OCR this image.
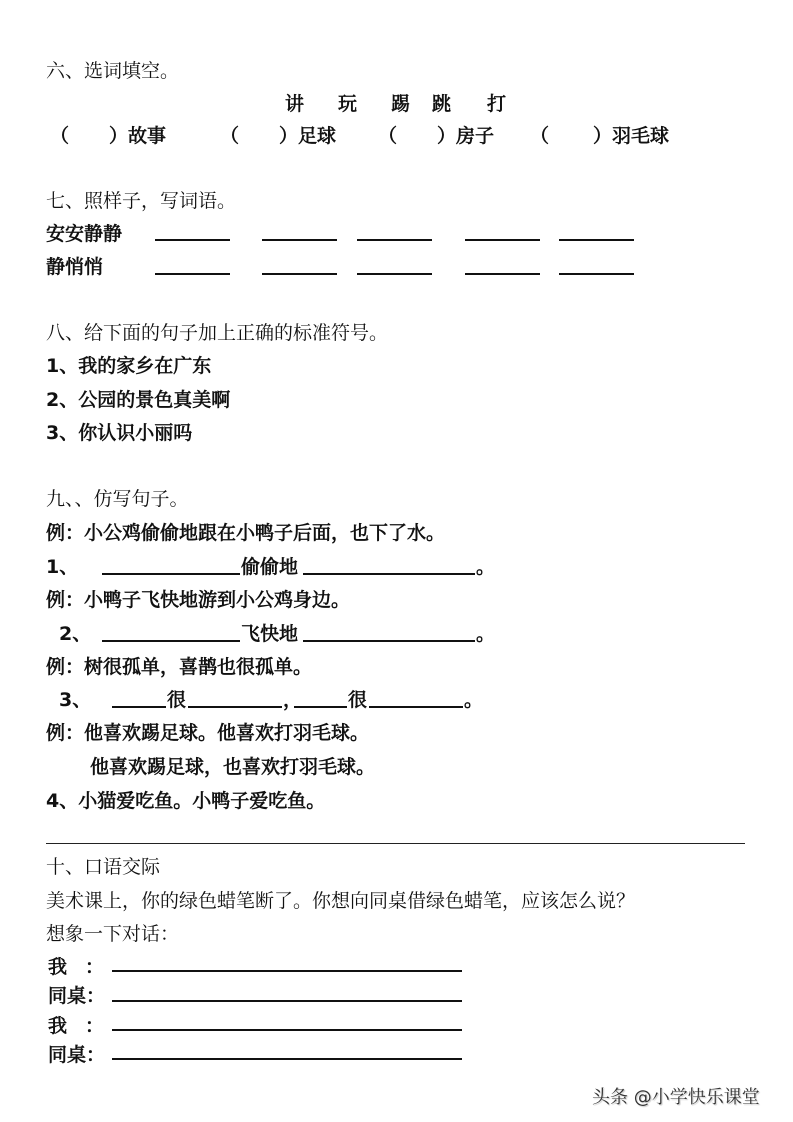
六、选词填空。
讲 玩 踢 跳 打
（ ）故事	（ ）足球 （ ）房子 （ ）羽毛球
七、照样子，写词语。
安安静静
静悄悄
八、给下面的句子加上正确的标准符号。
1、我的家乡在广东
2、公园的景色真美啊
3、你认识小丽吗
九、、仿写句子。
例：小公鸡偷偷地跟在小鸭子后面，也下了水。
1、	偷偷地	。
例：小鸭子飞快地游到小公鸡身边。
2、	飞快地	。
例：树很孤单，喜鹊也很孤单。
3、	很	， 很	。
例：他喜欢踢足球。他喜欢打羽毛球。
他喜欢踢足球，也喜欢打羽毛球。
4、小猫爱吃鱼。小鸭子爱吃鱼。
十、口语交际
美术课上，你的绿色蜡笔断了。你想向同桌借绿色蜡笔，应该怎么说？
想象一下对话：
我 ：
同桌：
我 ：
同桌：
头条 @小学快乐课堂
